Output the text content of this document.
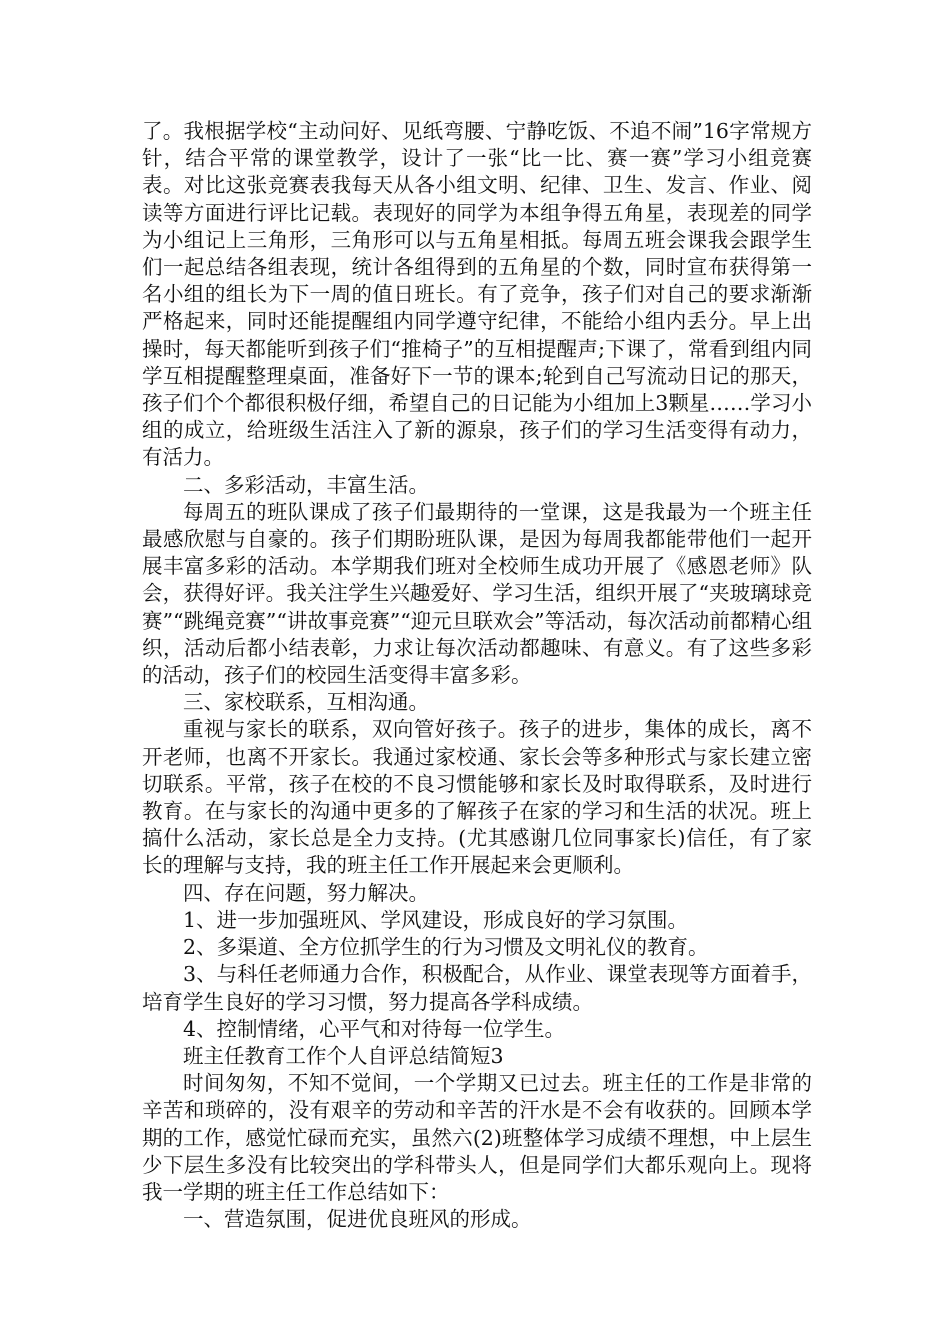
了。我根据学校“主动问好、见纸弯腰、宁静吃饭、不追不闹”16字常规方针，结合平常的课堂教学，设计了一张“比一比、赛一赛”学习小组竞赛表。对比这张竞赛表我每天从各小组文明、纪律、卫生、发言、作业、阅读等方面进行评比记载。表现好的同学为本组争得五角星，表现差的同学为小组记上三角形，三角形可以与五角星相抵。每周五班会课我会跟学生们一起总结各组表现，统计各组得到的五角星的个数，同时宣布获得第一名小组的组长为下一周的值日班长。有了竞争，孩子们对自己的要求渐渐严格起来，同时还能提醒组内同学遵守纪律，不能给小组内丢分。早上出操时，每天都能听到孩子们“推椅子”的互相提醒声;下课了，常看到组内同学互相提醒整理桌面，准备好下一节的课本;轮到自己写流动日记的那天，孩子们个个都很积极仔细，希望自己的日记能为小组加上3颗星……学习小组的成立，给班级生活注入了新的源泉，孩子们的学习生活变得有动力，有活力。

二、多彩活动，丰富生活。

每周五的班队课成了孩子们最期待的一堂课，这是我最为一个班主任最感欣慰与自豪的。孩子们期盼班队课，是因为每周我都能带他们一起开展丰富多彩的活动。本学期我们班对全校师生成功开展了《感恩老师》队会，获得好评。我关注学生兴趣爱好、学习生活，组织开展了“夹玻璃球竞赛”“跳绳竞赛”“讲故事竞赛”“迎元旦联欢会”等活动，每次活动前都精心组织，活动后都小结表彰，力求让每次活动都趣味、有意义。有了这些多彩的活动，孩子们的校园生活变得丰富多彩。

三、家校联系，互相沟通。

重视与家长的联系，双向管好孩子。孩子的进步，集体的成长，离不开老师，也离不开家长。我通过家校通、家长会等多种形式与家长建立密切联系。平常，孩子在校的不良习惯能够和家长及时取得联系，及时进行教育。在与家长的沟通中更多的了解孩子在家的学习和生活的状况。班上搞什么活动，家长总是全力支持。(尤其感谢几位同事家长)信任，有了家长的理解与支持，我的班主任工作开展起来会更顺利。

四、存在问题，努力解决。

1、进一步加强班风、学风建设，形成良好的学习氛围。

2、多渠道、全方位抓学生的行为习惯及文明礼仪的教育。

3、与科任老师通力合作，积极配合，从作业、课堂表现等方面着手，培育学生良好的学习习惯，努力提高各学科成绩。

4、控制情绪，心平气和对待每一位学生。

班主任教育工作个人自评总结简短3

时间匆匆，不知不觉间，一个学期又已过去。班主任的工作是非常的辛苦和琐碎的，没有艰辛的劳动和辛苦的汗水是不会有收获的。回顾本学期的工作，感觉忙碌而充实，虽然六(2)班整体学习成绩不理想，中上层生少下层生多没有比较突出的学科带头人，但是同学们大都乐观向上。现将我一学期的班主任工作总结如下：

一、营造氛围，促进优良班风的形成。
